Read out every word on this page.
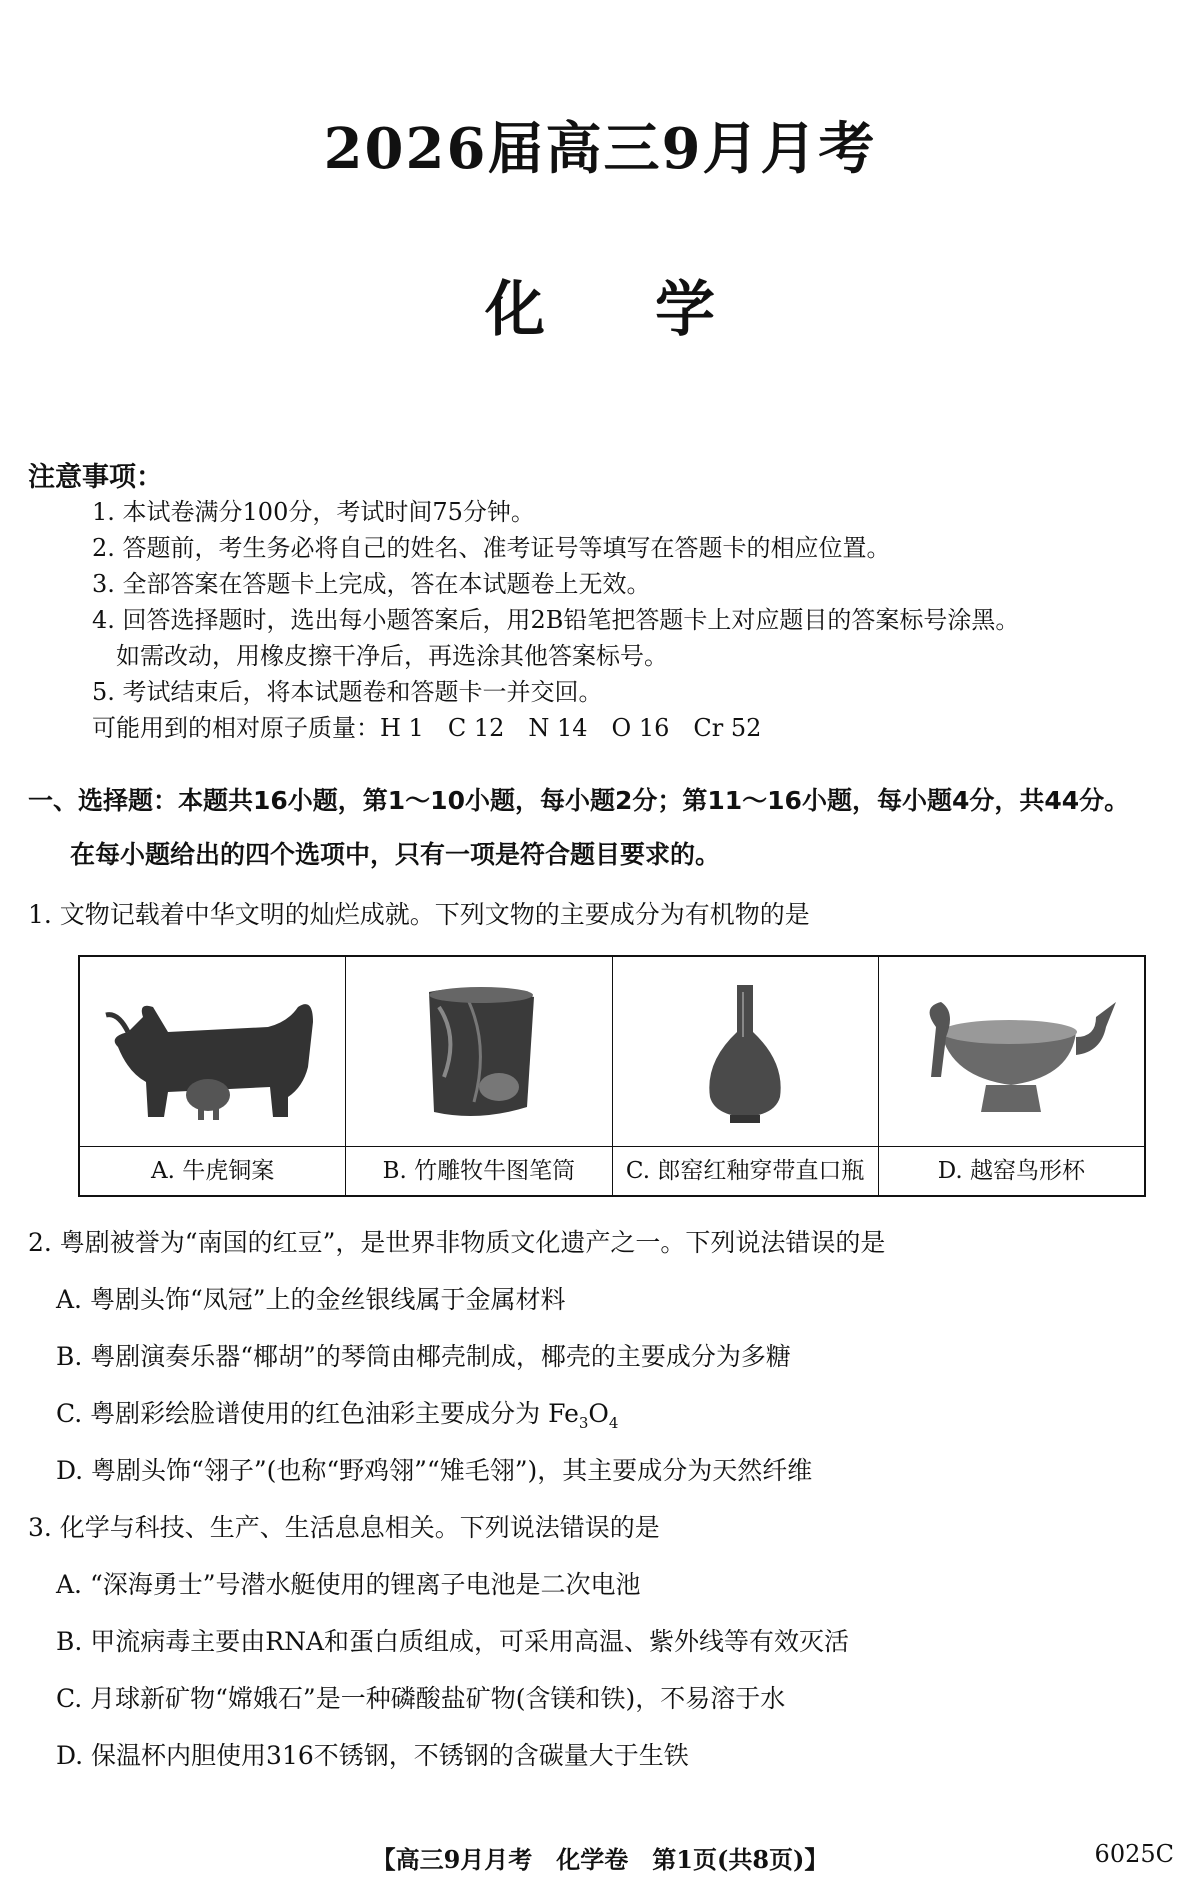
2026届高三9月月考
化学
注意事项：
1. 本试卷满分100分，考试时间75分钟。
2. 答题前，考生务必将自己的姓名、准考证号等填写在答题卡的相应位置。
3. 全部答案在答题卡上完成，答在本试题卷上无效。
4. 回答选择题时，选出每小题答案后，用2B铅笔把答题卡上对应题目的答案标号涂黑。
如需改动，用橡皮擦干净后，再选涂其他答案标号。
5. 考试结束后，将本试题卷和答题卡一并交回。
可能用到的相对原子质量：H 1　C 12　N 14　O 16　Cr 52
一、选择题：本题共16小题，第1～10小题，每小题2分；第11～16小题，每小题4分，共44分。
在每小题给出的四个选项中，只有一项是符合题目要求的。
1. 文物记载着中华文明的灿烂成就。下列文物的主要成分为有机物的是
A. 牛虎铜案	B. 竹雕牧牛图笔筒	C. 郎窑红釉穿带直口瓶	D. 越窑鸟形杯
2. 粤剧被誉为“南国的红豆”，是世界非物质文化遗产之一。下列说法错误的是
A. 粤剧头饰“凤冠”上的金丝银线属于金属材料
B. 粤剧演奏乐器“椰胡”的琴筒由椰壳制成，椰壳的主要成分为多糖
C. 粤剧彩绘脸谱使用的红色油彩主要成分为 $Fe_3O_4$
D. 粤剧头饰“翎子”(也称“野鸡翎”“雉毛翎”)，其主要成分为天然纤维
3. 化学与科技、生产、生活息息相关。下列说法错误的是
A. “深海勇士”号潜水艇使用的锂离子电池是二次电池
B. 甲流病毒主要由RNA和蛋白质组成，可采用高温、紫外线等有效灭活
C. 月球新矿物“嫦娥石”是一种磷酸盐矿物(含镁和铁)，不易溶于水
D. 保温杯内胆使用316不锈钢，不锈钢的含碳量大于生铁
【高三9月月考　化学卷　第1页(共8页)】	6025C
